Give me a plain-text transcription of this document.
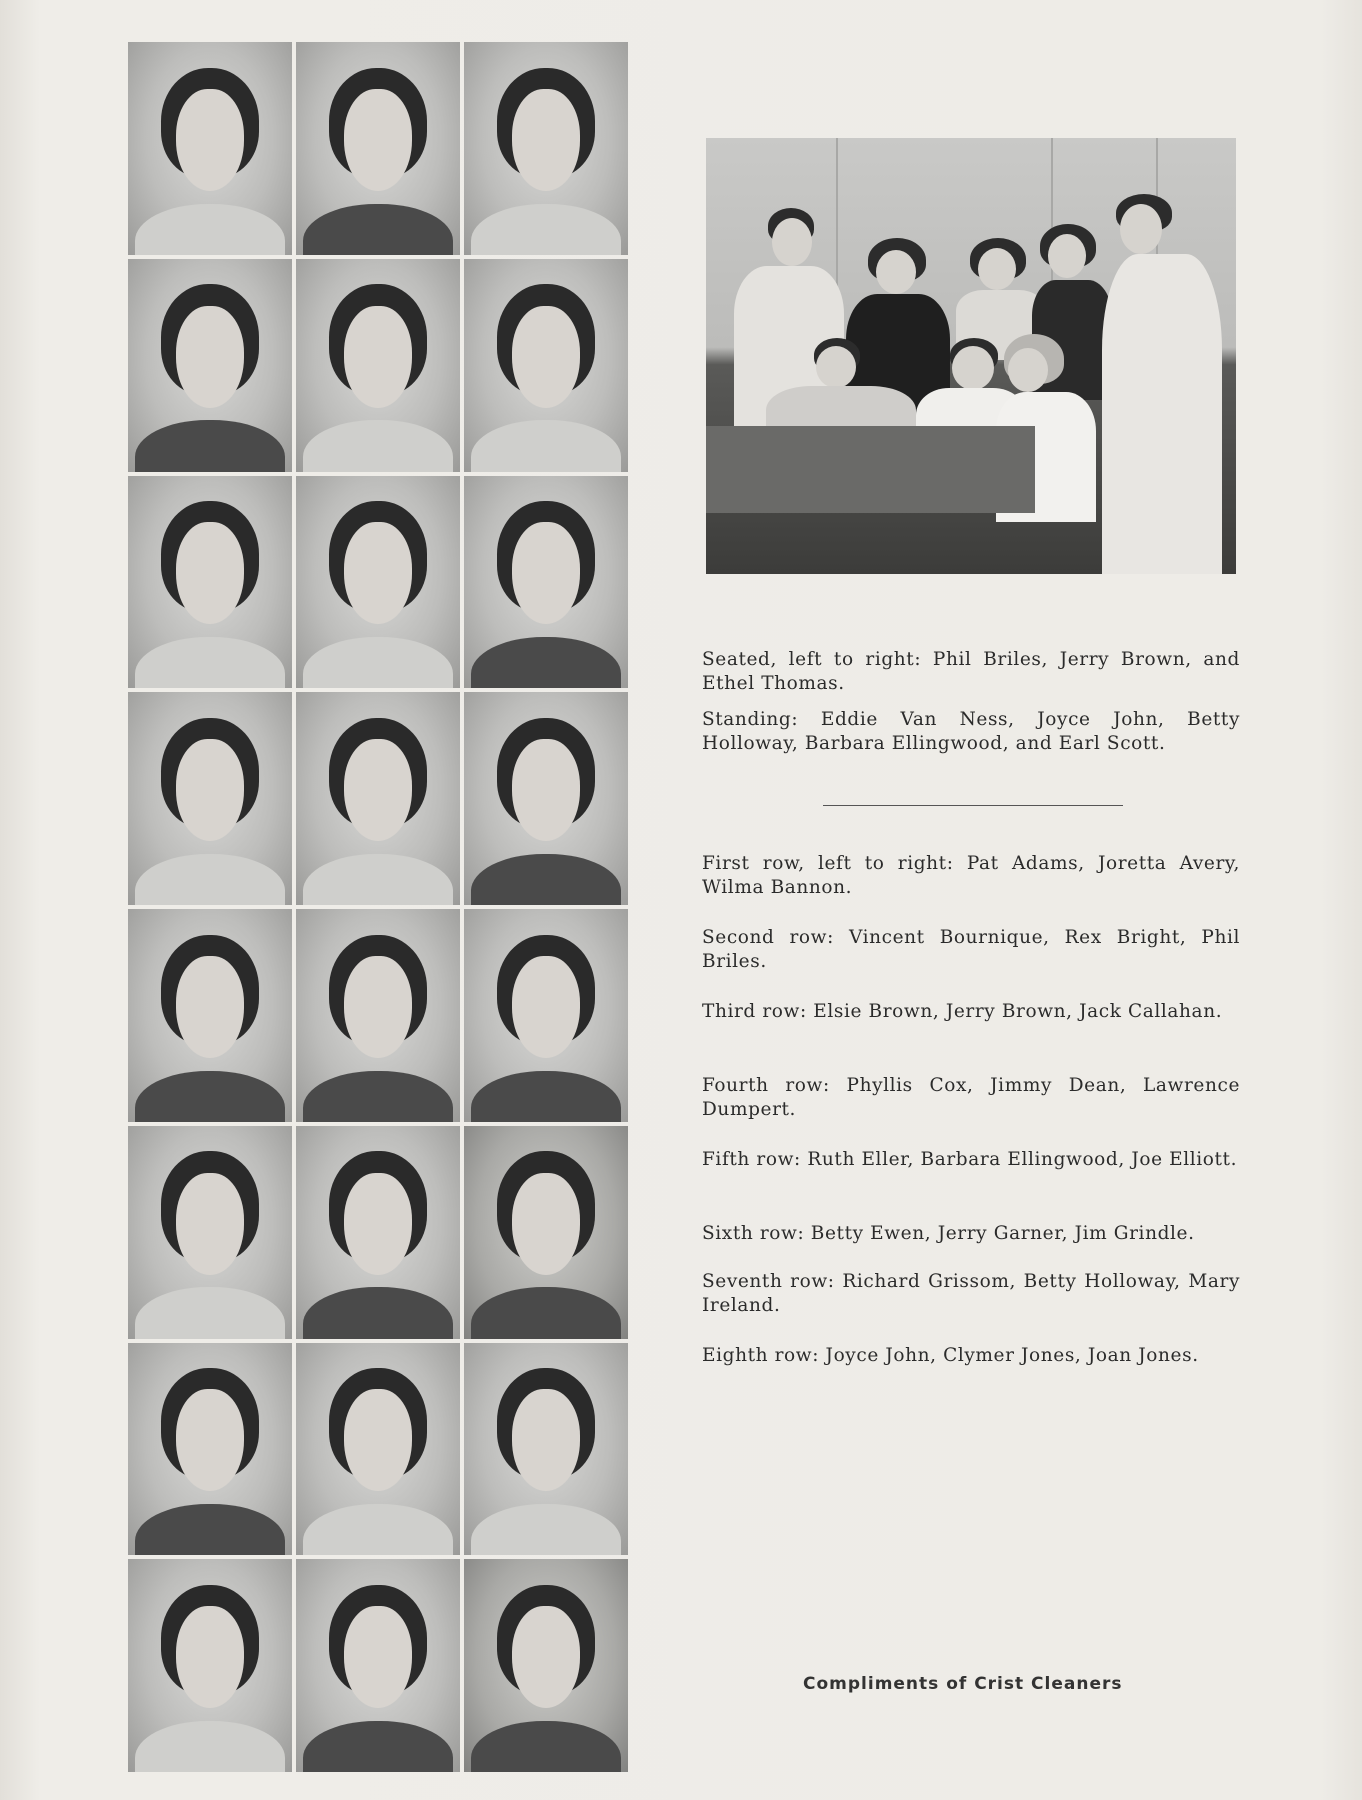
Seated, left to right: Phil Briles, Jerry Brown, and Ethel Thomas.
Standing: Eddie Van Ness, Joyce John, Betty Holloway, Barbara Ellingwood, and Earl Scott.
First row, left to right: Pat Adams, Joretta Avery, Wilma Bannon.
Second row: Vincent Bournique, Rex Bright, Phil Briles.
Third row: Elsie Brown, Jerry Brown, Jack Callahan.
Fourth row: Phyllis Cox, Jimmy Dean, Lawrence Dumpert.
Fifth row: Ruth Eller, Barbara Ellingwood, Joe Elliott.
Sixth row: Betty Ewen, Jerry Garner, Jim Grindle.
Seventh row: Richard Grissom, Betty Holloway, Mary Ireland.
Eighth row: Joyce John, Clymer Jones, Joan Jones.
Compliments of Crist Cleaners
